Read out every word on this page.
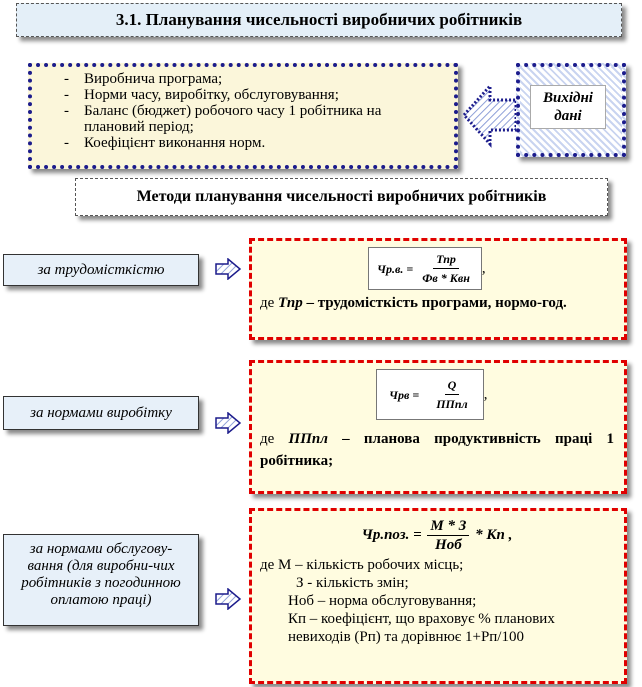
3.1. Планування чисельності виробничих робітників
- Виробнича програма;
- Норми часу, виробітку, обслуговування;
- Баланс (бюджет) робочого часу 1 робітника на плановий період;
- Коефіцієнт виконання норм.
Вихідні
дані
Методи планування чисельності виробничих робітників
за трудомісткістю	Чр.в. = $\frac{\text{Тпр}}{\text{Фв * Квн}}$ ,
де Тпр – трудомісткість програми, нормо-год.
за нормами виробітку
Чрв = $\frac{Q}{\text{ППпл}}$ ,
де ППпл – планова продуктивність праці 1 робітника;
за нормами обслугову-вання (для виробни-чих робітників з погодинною оплатою праці)
Чр.поз. = $\frac{М * З}{\text{Ноб}}$ * Кп ,
де М – кількість робочих місць;
З - кількість змін;
Ноб – норма обслуговування;
Кп – коефіцієнт, що враховує % планових невиходів (Рп) та дорівнює 1+Рп/100
